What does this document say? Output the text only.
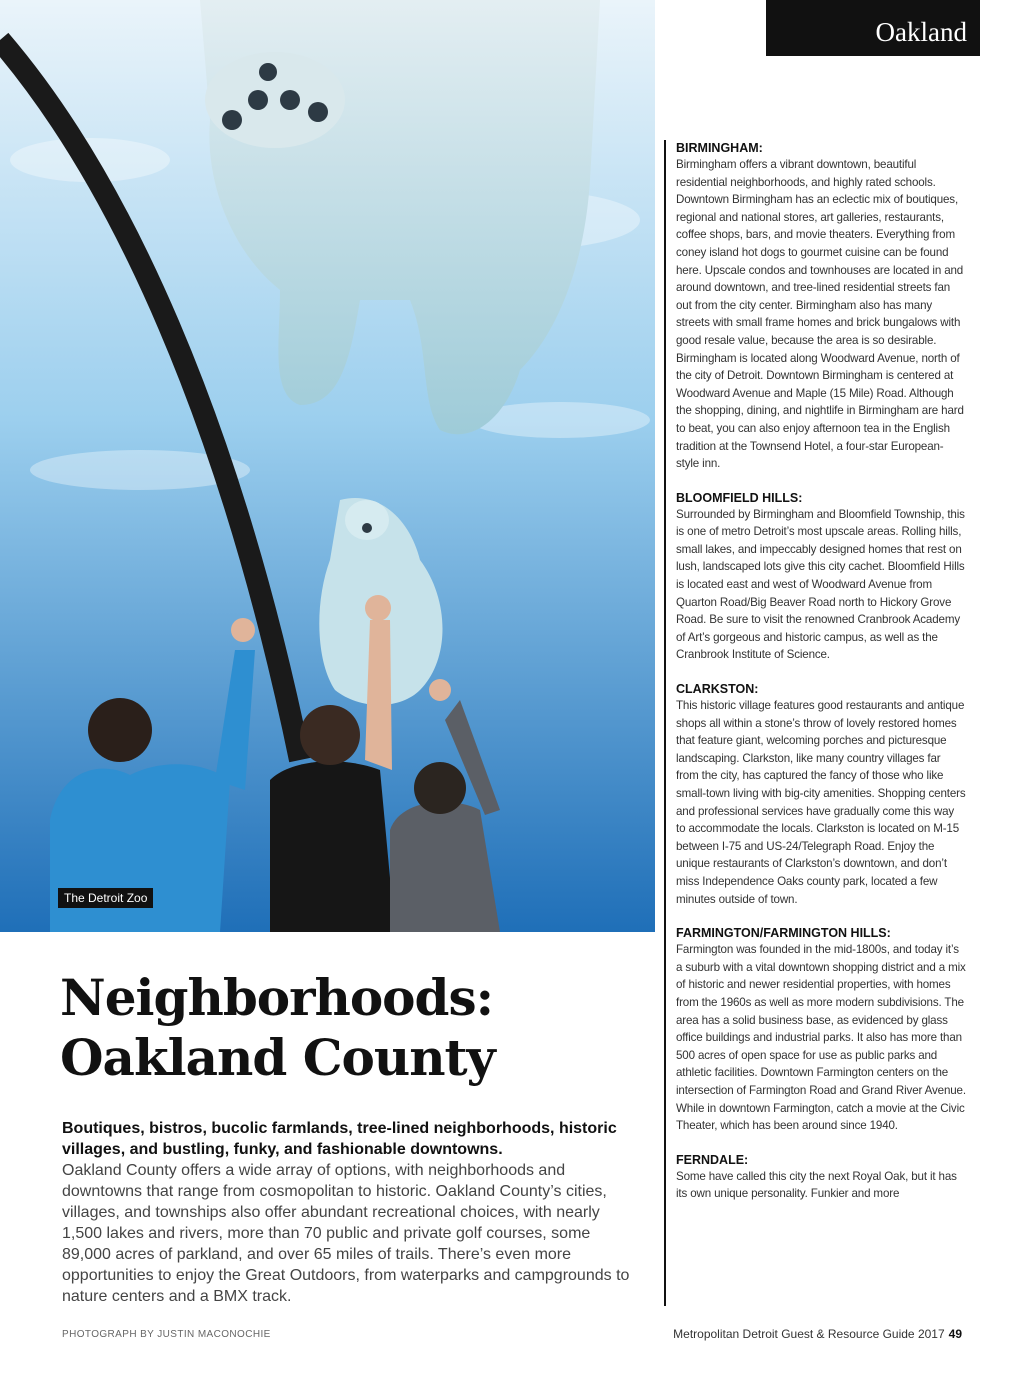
The Detroit Zoo
Oakland
BIRMINGHAM:

Birmingham offers a vibrant downtown, beautiful residential neighborhoods, and highly rated schools. Downtown Birmingham has an eclectic mix of boutiques, regional and national stores, art galleries, restaurants, coffee shops, bars, and movie theaters. Everything from coney island hot dogs to gourmet cuisine can be found here. Upscale condos and townhouses are located in and around downtown, and tree-lined residential streets fan out from the city center. Birmingham also has many streets with small frame homes and brick bungalows with good resale value, because the area is so desirable. Birmingham is located along Woodward Avenue, north of the city of Detroit. Downtown Birmingham is centered at Woodward Avenue and Maple (15 Mile) Road. Although the shopping, dining, and nightlife in Birmingham are hard to beat, you can also enjoy afternoon tea in the English tradition at the Townsend Hotel, a four-star European-style inn.

BLOOMFIELD HILLS:

Surrounded by Birmingham and Bloomfield Township, this is one of metro Detroit’s most upscale areas. Rolling hills, small lakes, and impeccably designed homes that rest on lush, landscaped lots give this city cachet. Bloomfield Hills is located east and west of Woodward Avenue from Quarton Road/Big Beaver Road north to Hickory Grove Road. Be sure to visit the renowned Cranbrook Academy of Art’s gorgeous and historic campus, as well as the Cranbrook Institute of Science.

CLARKSTON:

This historic village features good restaurants and antique shops all within a stone’s throw of lovely restored homes that feature giant, welcoming porches and picturesque landscaping. Clarkston, like many country villages far from the city, has captured the fancy of those who like small-town living with big-city amenities. Shopping centers and professional services have gradually come this way to accommodate the locals. Clarkston is located on M-15 between I-75 and US-24/Telegraph Road. Enjoy the unique restaurants of Clarkston’s downtown, and don’t miss Independence Oaks county park, located a few minutes outside of town.

FARMINGTON/FARMINGTON HILLS:

Farmington was founded in the mid-1800s, and today it’s a suburb with a vital downtown shopping district and a mix of historic and newer residential properties, with homes from the 1960s as well as more modern subdivisions. The area has a solid business base, as evidenced by glass office buildings and industrial parks. It also has more than 500 acres of open space for use as public parks and athletic facilities. Downtown Farmington centers on the intersection of Farmington Road and Grand River Avenue. While in downtown Farmington, catch a movie at the Civic Theater, which has been around since 1940.

FERNDALE:

Some have called this city the next Royal Oak, but it has its own unique personality. Funkier and more

Neighborhoods:
Oakland County

Boutiques, bistros, bucolic farmlands, tree-lined neighborhoods, historic villages, and bustling, funky, and fashionable downtowns.

Oakland County offers a wide array of options, with neighborhoods and downtowns that range from cosmopolitan to historic. Oakland County’s cities, villages, and townships also offer abundant recreational choices, with nearly 1,500 lakes and rivers, more than 70 public and private golf courses, some 89,000 acres of parkland, and over 65 miles of trails. There’s even more opportunities to enjoy the Great Outdoors, from waterparks and campgrounds to nature centers and a BMX track.

PHOTOGRAPH BY JUSTIN MACONOCHIE	Metropolitan Detroit Guest & Resource Guide 2017 49
